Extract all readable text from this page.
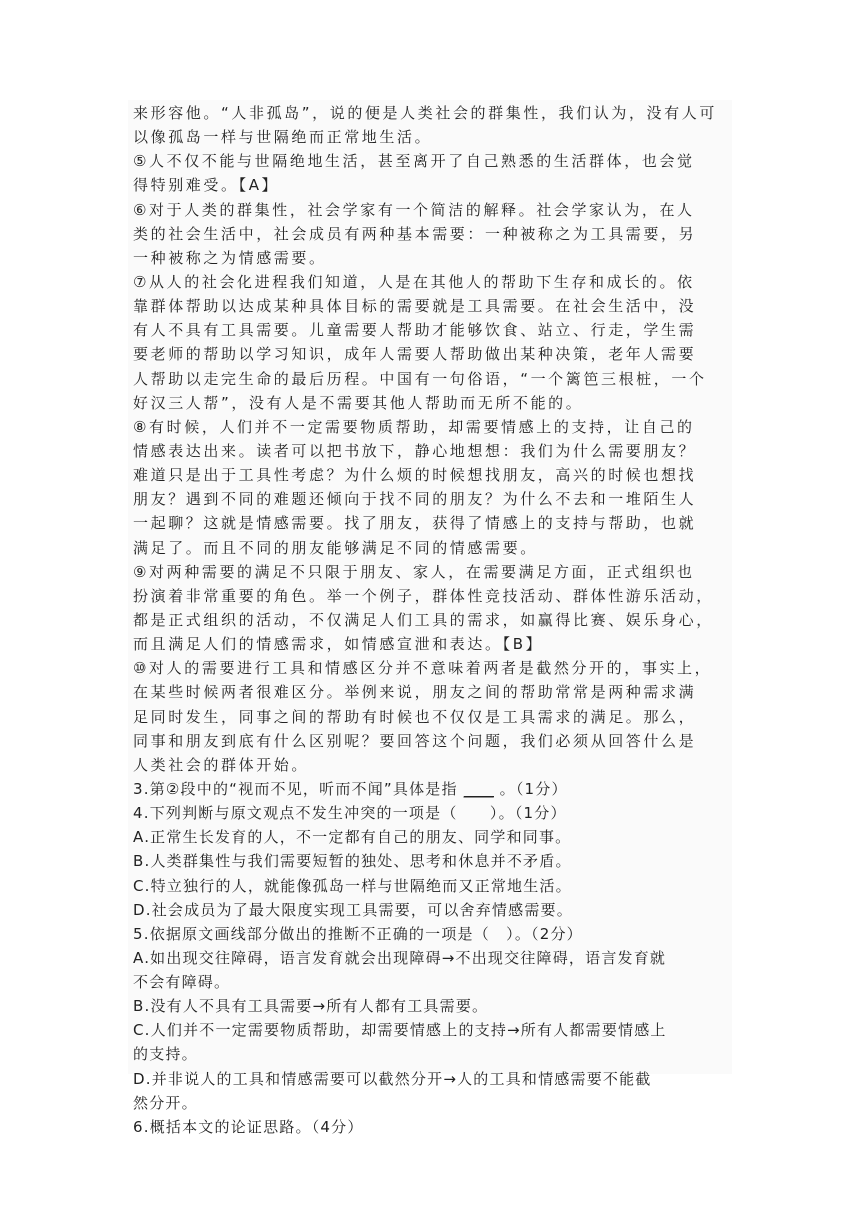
来形容他。“人非孤岛”，说的便是人类社会的群集性，我们认为，没有人可
以像孤岛一样与世隔绝而正常地生活。
⑤人不仅不能与世隔绝地生活，甚至离开了自己熟悉的生活群体，也会觉
得特别难受。【A】
⑥对于人类的群集性，社会学家有一个简洁的解释。社会学家认为，在人
类的社会生活中，社会成员有两种基本需要：一种被称之为工具需要，另
一种被称之为情感需要。
⑦从人的社会化进程我们知道，人是在其他人的帮助下生存和成长的。依
靠群体帮助以达成某种具体目标的需要就是工具需要。在社会生活中，没
有人不具有工具需要。儿童需要人帮助才能够饮食、站立、行走，学生需
要老师的帮助以学习知识，成年人需要人帮助做出某种决策，老年人需要
人帮助以走完生命的最后历程。中国有一句俗语，“一个篱笆三根桩，一个
好汉三人帮”，没有人是不需要其他人帮助而无所不能的。
⑧有时候，人们并不一定需要物质帮助，却需要情感上的支持，让自己的
情感表达出来。读者可以把书放下，静心地想想：我们为什么需要朋友？
难道只是出于工具性考虑？为什么烦的时候想找朋友，高兴的时候也想找
朋友？遇到不同的难题还倾向于找不同的朋友？为什么不去和一堆陌生人
一起聊？这就是情感需要。找了朋友，获得了情感上的支持与帮助，也就
满足了。而且不同的朋友能够满足不同的情感需要。
⑨对两种需要的满足不只限于朋友、家人，在需要满足方面，正式组织也
扮演着非常重要的角色。举一个例子，群体性竞技活动、群体性游乐活动，
都是正式组织的活动，不仅满足人们工具的需求，如赢得比赛、娱乐身心，
而且满足人们的情感需求，如情感宣泄和表达。【B】
⑩对人的需要进行工具和情感区分并不意味着两者是截然分开的，事实上，
在某些时候两者很难区分。举例来说，朋友之间的帮助常常是两种需求满
足同时发生，同事之间的帮助有时候也不仅仅是工具需求的满足。那么，
同事和朋友到底有什么区别呢？要回答这个问题，我们必须从回答什么是
人类社会的群体开始。
3.第②段中的“视而不见，听而不闻”具体是指 ____ 。（1分）
4.下列判断与原文观点不发生冲突的一项是（　　）。（1分）
A.正常生长发育的人，不一定都有自己的朋友、同学和同事。
B.人类群集性与我们需要短暂的独处、思考和休息并不矛盾。
C.特立独行的人，就能像孤岛一样与世隔绝而又正常地生活。
D.社会成员为了最大限度实现工具需要，可以舍弃情感需要。
5.依据原文画线部分做出的推断不正确的一项是（　）。（2分）
A.如出现交往障碍，语言发育就会出现障碍→不出现交往障碍，语言发育就
不会有障碍。
B.没有人不具有工具需要→所有人都有工具需要。
C.人们并不一定需要物质帮助，却需要情感上的支持→所有人都需要情感上
的支持。
D.并非说人的工具和情感需要可以截然分开→人的工具和情感需要不能截
然分开。
6.概括本文的论证思路。（4分）
